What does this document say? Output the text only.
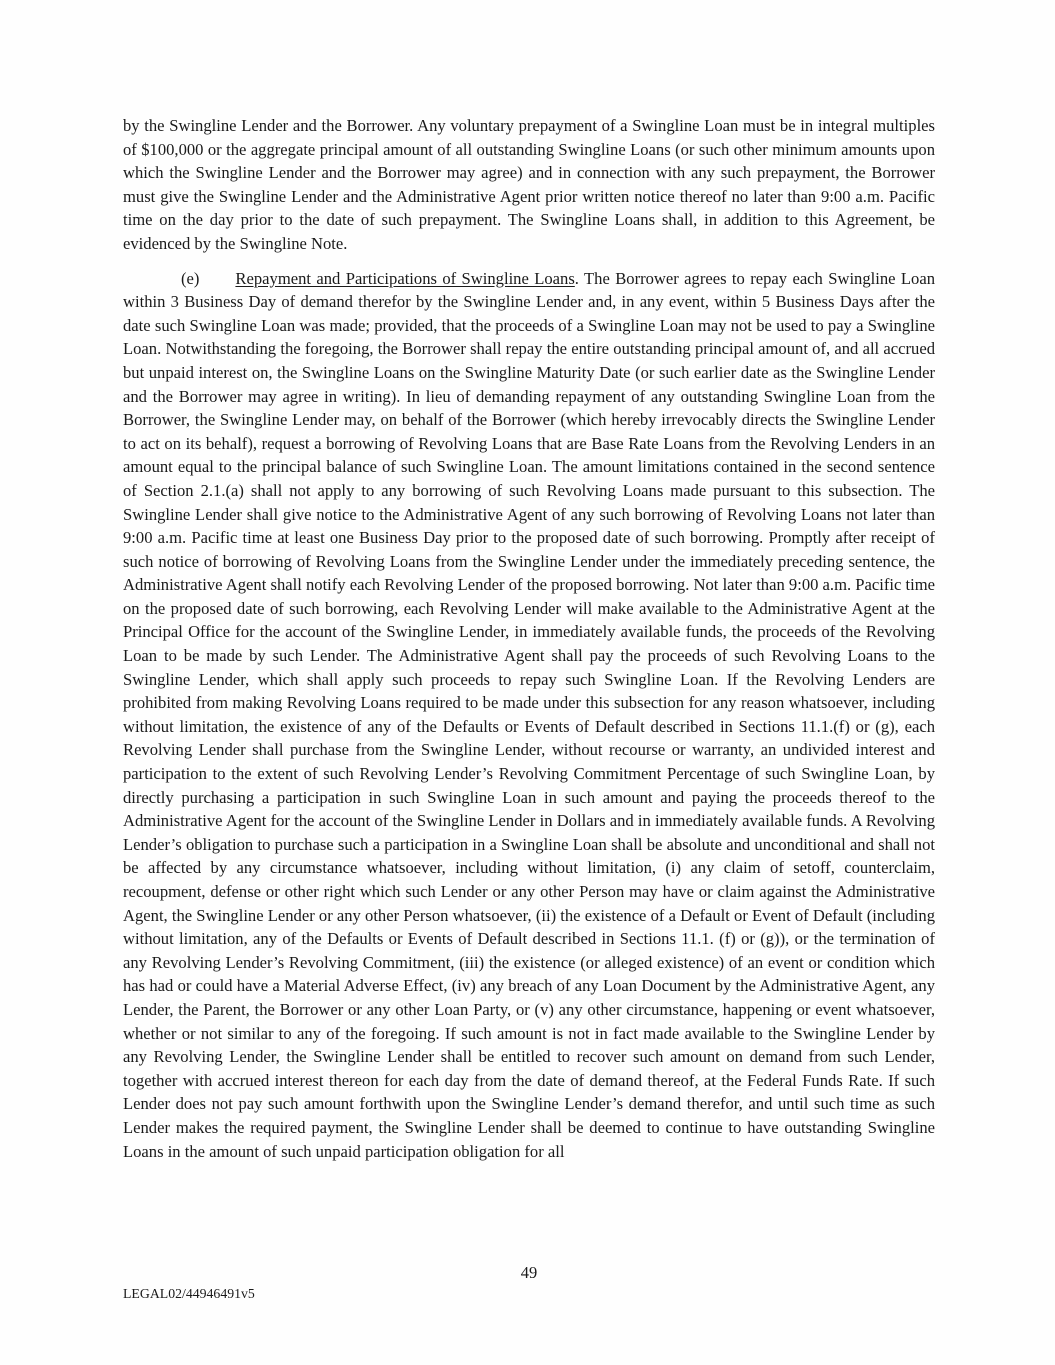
by the Swingline Lender and the Borrower. Any voluntary prepayment of a Swingline Loan must be in integral multiples of $100,000 or the aggregate principal amount of all outstanding Swingline Loans (or such other minimum amounts upon which the Swingline Lender and the Borrower may agree) and in connection with any such prepayment, the Borrower must give the Swingline Lender and the Administrative Agent prior written notice thereof no later than 9:00 a.m. Pacific time on the day prior to the date of such prepayment. The Swingline Loans shall, in addition to this Agreement, be evidenced by the Swingline Note.

(e) Repayment and Participations of Swingline Loans. The Borrower agrees to repay each Swingline Loan within 3 Business Day of demand therefor by the Swingline Lender and, in any event, within 5 Business Days after the date such Swingline Loan was made; provided, that the proceeds of a Swingline Loan may not be used to pay a Swingline Loan. Notwithstanding the foregoing, the Borrower shall repay the entire outstanding principal amount of, and all accrued but unpaid interest on, the Swingline Loans on the Swingline Maturity Date (or such earlier date as the Swingline Lender and the Borrower may agree in writing). In lieu of demanding repayment of any outstanding Swingline Loan from the Borrower, the Swingline Lender may, on behalf of the Borrower (which hereby irrevocably directs the Swingline Lender to act on its behalf), request a borrowing of Revolving Loans that are Base Rate Loans from the Revolving Lenders in an amount equal to the principal balance of such Swingline Loan. The amount limitations contained in the second sentence of Section 2.1.(a) shall not apply to any borrowing of such Revolving Loans made pursuant to this subsection. The Swingline Lender shall give notice to the Administrative Agent of any such borrowing of Revolving Loans not later than 9:00 a.m. Pacific time at least one Business Day prior to the proposed date of such borrowing. Promptly after receipt of such notice of borrowing of Revolving Loans from the Swingline Lender under the immediately preceding sentence, the Administrative Agent shall notify each Revolving Lender of the proposed borrowing. Not later than 9:00 a.m. Pacific time on the proposed date of such borrowing, each Revolving Lender will make available to the Administrative Agent at the Principal Office for the account of the Swingline Lender, in immediately available funds, the proceeds of the Revolving Loan to be made by such Lender. The Administrative Agent shall pay the proceeds of such Revolving Loans to the Swingline Lender, which shall apply such proceeds to repay such Swingline Loan. If the Revolving Lenders are prohibited from making Revolving Loans required to be made under this subsection for any reason whatsoever, including without limitation, the existence of any of the Defaults or Events of Default described in Sections 11.1.(f) or (g), each Revolving Lender shall purchase from the Swingline Lender, without recourse or warranty, an undivided interest and participation to the extent of such Revolving Lender’s Revolving Commitment Percentage of such Swingline Loan, by directly purchasing a participation in such Swingline Loan in such amount and paying the proceeds thereof to the Administrative Agent for the account of the Swingline Lender in Dollars and in immediately available funds. A Revolving Lender’s obligation to purchase such a participation in a Swingline Loan shall be absolute and unconditional and shall not be affected by any circumstance whatsoever, including without limitation, (i) any claim of setoff, counterclaim, recoupment, defense or other right which such Lender or any other Person may have or claim against the Administrative Agent, the Swingline Lender or any other Person whatsoever, (ii) the existence of a Default or Event of Default (including without limitation, any of the Defaults or Events of Default described in Sections 11.1. (f) or (g)), or the termination of any Revolving Lender’s Revolving Commitment, (iii) the existence (or alleged existence) of an event or condition which has had or could have a Material Adverse Effect, (iv) any breach of any Loan Document by the Administrative Agent, any Lender, the Parent, the Borrower or any other Loan Party, or (v) any other circumstance, happening or event whatsoever, whether or not similar to any of the foregoing. If such amount is not in fact made available to the Swingline Lender by any Revolving Lender, the Swingline Lender shall be entitled to recover such amount on demand from such Lender, together with accrued interest thereon for each day from the date of demand thereof, at the Federal Funds Rate. If such Lender does not pay such amount forthwith upon the Swingline Lender’s demand therefor, and until such time as such Lender makes the required payment, the Swingline Lender shall be deemed to continue to have outstanding Swingline Loans in the amount of such unpaid participation obligation for all

49
LEGAL02/44946491v5
